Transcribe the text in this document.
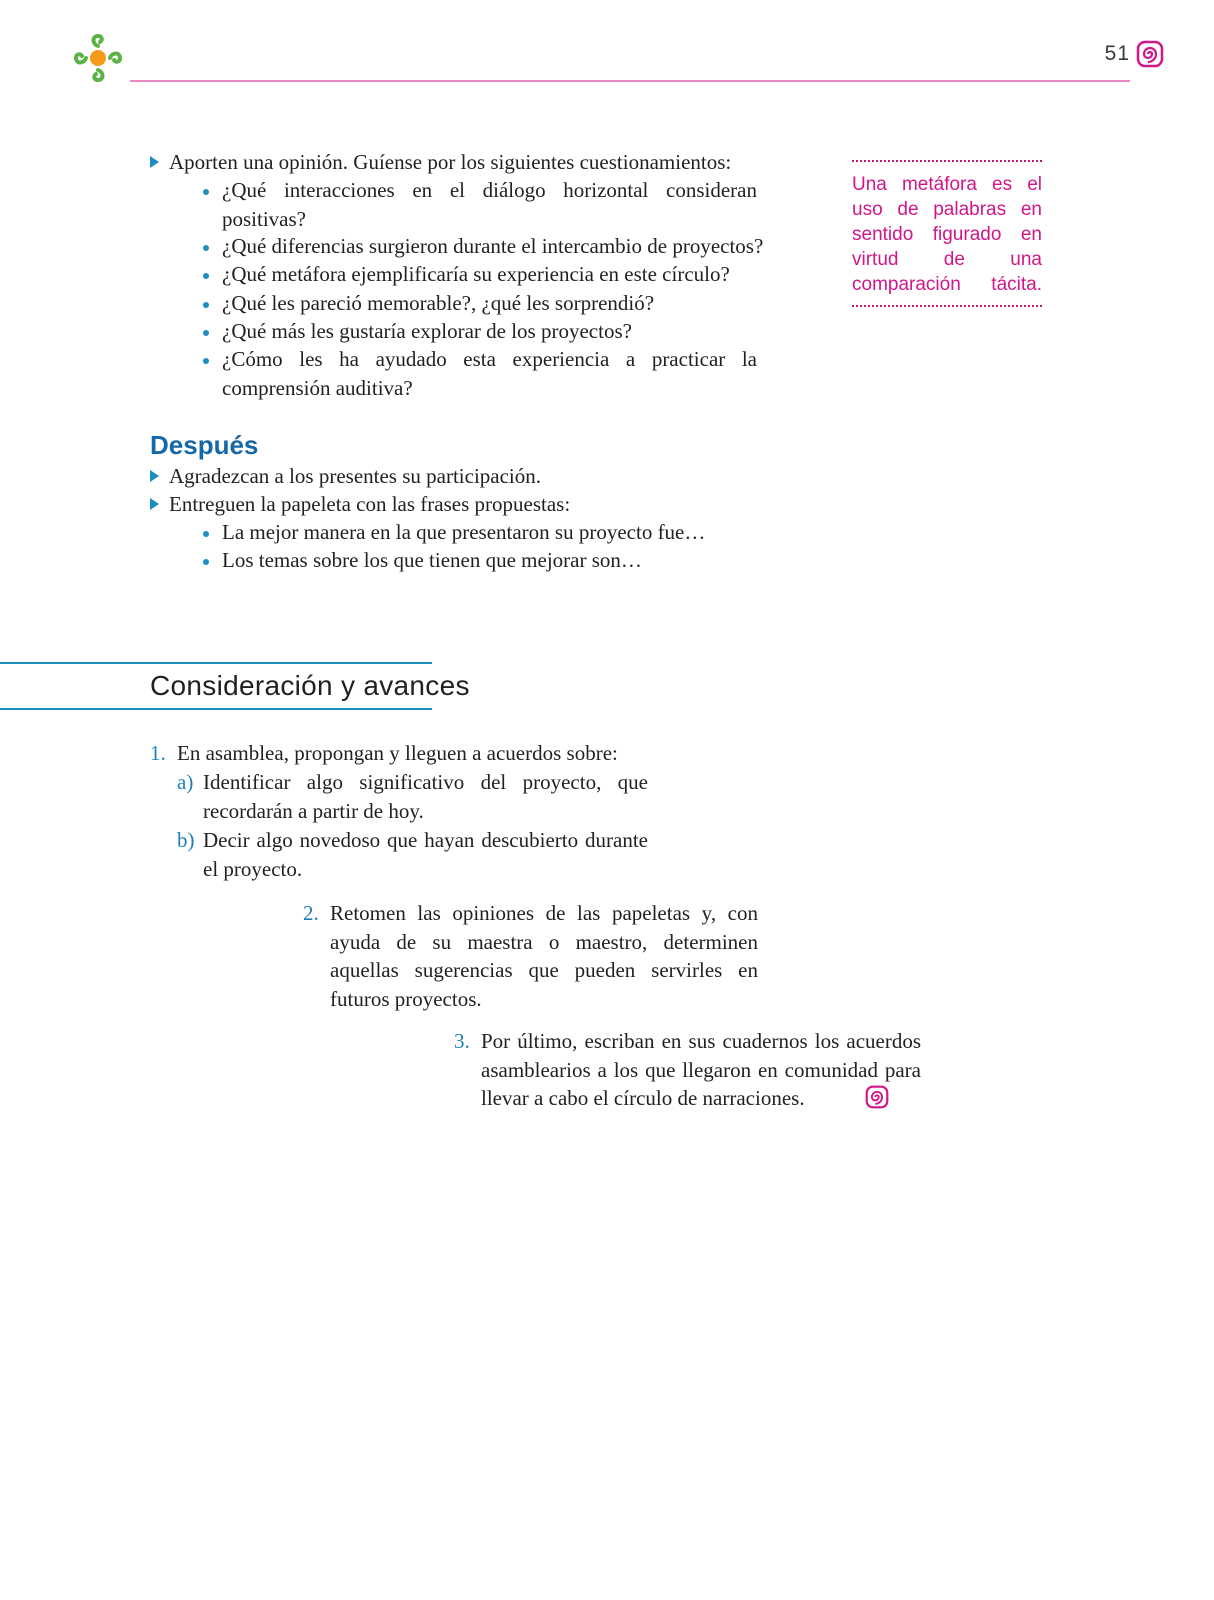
51
Aporten una opinión. Guíense por los siguientes cuestionamientos:
¿Qué interacciones en el diálogo horizontal consideran positivas?
¿Qué diferencias surgieron durante el intercambio de proyectos?
¿Qué metáfora ejemplificaría su experiencia en este círculo?
¿Qué les pareció memorable?, ¿qué les sorprendió?
¿Qué más les gustaría explorar de los proyectos?
¿Cómo les ha ayudado esta experiencia a practicar la comprensión auditiva?
Una metáfora es el uso de palabras en sentido figurado en virtud de una comparación tácita.
Después
Agradezcan a los presentes su participación.
Entreguen la papeleta con las frases propuestas:
La mejor manera en la que presentaron su proyecto fue…
Los temas sobre los que tienen que mejorar son…
Consideración y avances
1. En asamblea, propongan y lleguen a acuerdos sobre:
a) Identificar algo significativo del proyecto, que recordarán a partir de hoy.
b) Decir algo novedoso que hayan descubierto durante el proyecto.
2. Retomen las opiniones de las papeletas y, con ayuda de su maestra o maestro, determinen aquellas sugerencias que pueden servirles en futuros proyectos.
3. Por último, escriban en sus cuadernos los acuerdos asamblearios a los que llegaron en comunidad para llevar a cabo el círculo de narraciones.
